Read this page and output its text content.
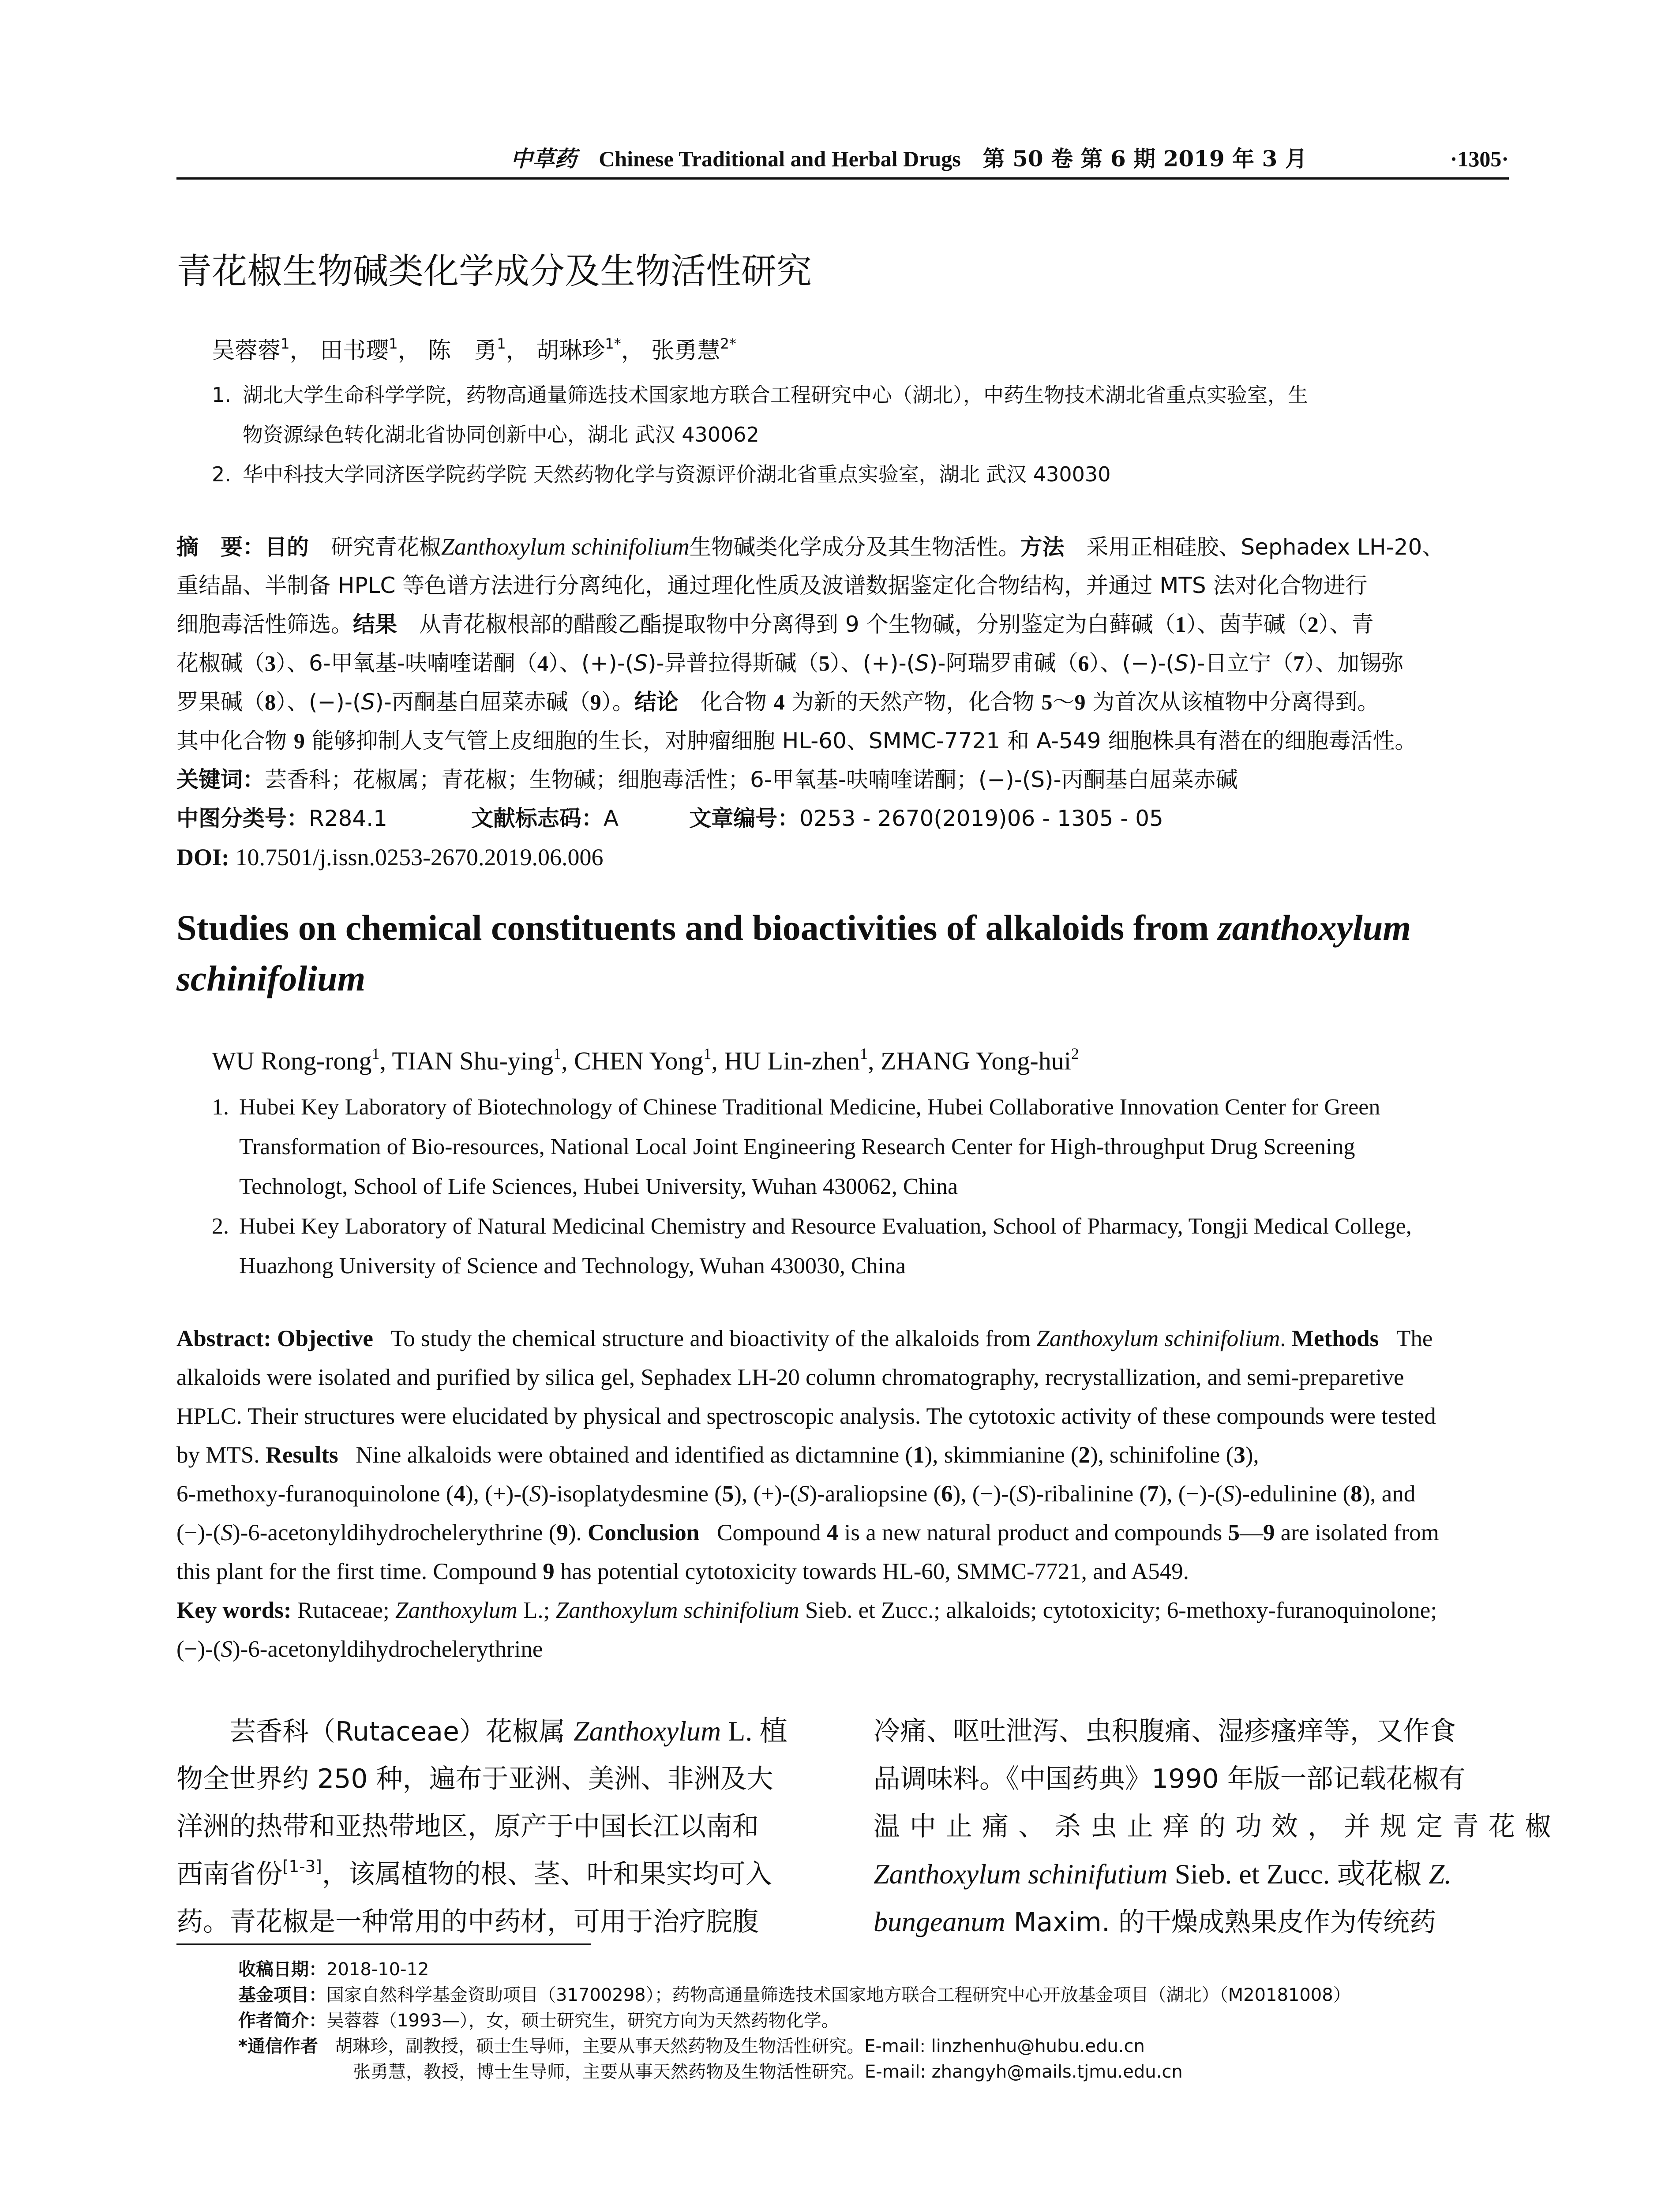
中草药 Chinese Traditional and Herbal Drugs 第 50 卷 第 6 期 2019 年 3 月	·1305·
青花椒生物碱类化学成分及生物活性研究
吴蓉蓉$^1$， 田书璎$^1$， 陈　勇$^1$， 胡琳珍$^{1*}$， 张勇慧$^{2*}$
1. 湖北大学生命科学学院，药物高通量筛选技术国家地方联合工程研究中心（湖北），中药生物技术湖北省重点实验室，生
物资源绿色转化湖北省协同创新中心，湖北 武汉 430062
2. 华中科技大学同济医学院药学院 天然药物化学与资源评价湖北省重点实验室，湖北 武汉 430030
摘　要：目的　 研究青花椒Zanthoxylum schinifolium生物碱类化学成分及其生物活性。方法　 采用正相硅胶、Sephadex LH-20、
重结晶、半制备 HPLC 等色谱方法进行分离纯化，通过理化性质及波谱数据鉴定化合物结构，并通过 MTS 法对化合物进行
细胞毒活性筛选。结果　 从青花椒根部的醋酸乙酯提取物中分离得到 9 个生物碱，分别鉴定为白藓碱（1）、茵芋碱（2）、青
花椒碱（3）、6-甲氧基-呋喃喹诺酮（4）、(+)-(S)-异普拉得斯碱（5）、(+)-(S)-阿瑞罗甫碱（6）、(−)-(S)-日立宁（7）、加锡弥
罗果碱（8）、(−)-(S)-丙酮基白屈菜赤碱（9）。结论　 化合物 4 为新的天然产物，化合物 5～9 为首次从该植物中分离得到。
其中化合物 9 能够抑制人支气管上皮细胞的生长，对肿瘤细胞 HL-60、SMMC-7721 和 A-549 细胞株具有潜在的细胞毒活性。
关键词：芸香科；花椒属；青花椒；生物碱；细胞毒活性；6-甲氧基-呋喃喹诺酮；(−)-(S)-丙酮基白屈菜赤碱
中图分类号：R284.1	文献标志码：A	文章编号：0253 - 2670(2019)06 - 1305 - 05
DOI: 10.7501/j.issn.0253-2670.2019.06.006
Studies on chemical constituents and bioactivities of alkaloids from zanthoxylum
schinifolium
WU Rong-rong$^1$, TIAN Shu-ying$^1$, CHEN Yong$^1$, HU Lin-zhen$^1$, ZHANG Yong-hui$^2$
1. Hubei Key Laboratory of Biotechnology of Chinese Traditional Medicine, Hubei Collaborative Innovation Center for Green
Transformation of Bio-resources, National Local Joint Engineering Research Center for High-throughput Drug Screening
Technologt, School of Life Sciences, Hubei University, Wuhan 430062, China
2. Hubei Key Laboratory of Natural Medicinal Chemistry and Resource Evaluation, School of Pharmacy, Tongji Medical College,
Huazhong University of Science and Technology, Wuhan 430030, China
Abstract: Objective To study the chemical structure and bioactivity of the alkaloids from Zanthoxylum schinifolium. Methods The
alkaloids were isolated and purified by silica gel, Sephadex LH-20 column chromatography, recrystallization, and semi-preparetive
HPLC. Their structures were elucidated by physical and spectroscopic analysis. The cytotoxic activity of these compounds were tested
by MTS. Results Nine alkaloids were obtained and identified as dictamnine (1), skimmianine (2), schinifoline (3),
6-methoxy-furanoquinolone (4), (+)-(S)-isoplatydesmine (5), (+)-(S)-araliopsine (6), (−)-(S)-ribalinine (7), (−)-(S)-edulinine (8), and
(−)-(S)-6-acetonyldihydrochelerythrine (9). Conclusion Compound 4 is a new natural product and compounds 5—9 are isolated from
this plant for the first time. Compound 9 has potential cytotoxicity towards HL-60, SMMC-7721, and A549.
Key words: Rutaceae; Zanthoxylum L.; Zanthoxylum schinifolium Sieb. et Zucc.; alkaloids; cytotoxicity; 6-methoxy-furanoquinolone;
(−)-(S)-6-acetonyldihydrochelerythrine
芸香科（Rutaceae）花椒属 Zanthoxylum L. 植
物全世界约 250 种，遍布于亚洲、美洲、非洲及大
洋洲的热带和亚热带地区，原产于中国长江以南和
西南省份[1-3]，该属植物的根、茎、叶和果实均可入
药。青花椒是一种常用的中药材，可用于治疗脘腹
冷痛、呕吐泄泻、虫积腹痛、湿疹瘙痒等，又作食
品调味料。《中国药典》1990 年版一部记载花椒有
温中止痛、杀虫止痒的功效，并规定青花椒
Zanthoxylum schinifutium Sieb. et Zucc. 或花椒 Z.
bungeanum Maxim. 的干燥成熟果皮作为传统药
收稿日期：2018-10-12
基金项目：国家自然科学基金资助项目（31700298）；药物高通量筛选技术国家地方联合工程研究中心开放基金项目（湖北）（M20181008）
作者简介：吴蓉蓉（1993—），女，硕士研究生，研究方向为天然药物化学。
*通信作者 胡琳珍，副教授，硕士生导师，主要从事天然药物及生物活性研究。E-mail: linzhenhu@hubu.edu.cn
张勇慧，教授，博士生导师，主要从事天然药物及生物活性研究。E-mail: zhangyh@mails.tjmu.edu.cn
